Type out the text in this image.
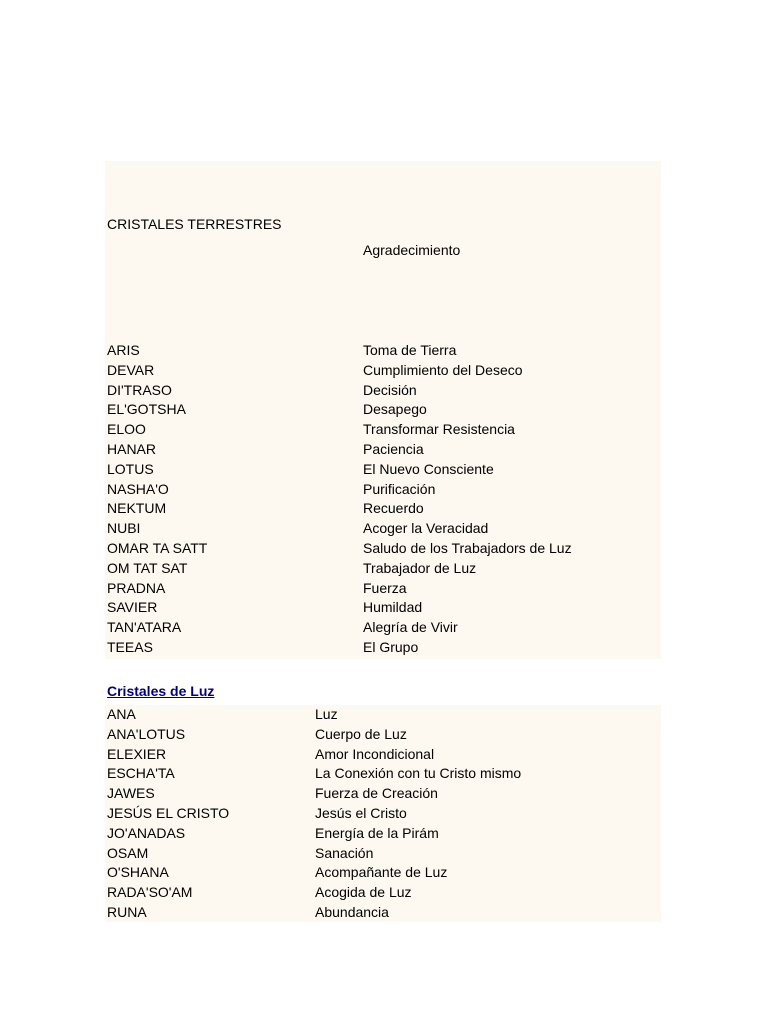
CRISTALES TERRESTRES
Agradecimiento
ARIS	Toma de Tierra
DEVAR	Cumplimiento del Deseco
DI'TRASO	Decisión
EL'GOTSHA	Desapego
ELOO	Transformar Resistencia
HANAR	Paciencia
LOTUS	El Nuevo Consciente
NASHA'O	Purificación
NEKTUM	Recuerdo
NUBI	Acoger la Veracidad
OMAR TA SATT	Saludo de los Trabajadors de Luz
OM TAT SAT	Trabajador de Luz
PRADNA	Fuerza
SAVIER	Humildad
TAN'ATARA	Alegría de Vivir
TEEAS	El Grupo
Cristales de Luz
ANA	Luz
ANA'LOTUS	Cuerpo de Luz
ELEXIER	Amor Incondicional
ESCHA'TA	La Conexión con tu Cristo mismo
JAWES	Fuerza de Creación
JESÚS EL CRISTO	Jesús el Cristo
JO'ANADAS	Energía de la Pirám
OSAM	Sanación
O'SHANA	Acompañante de Luz
RADA'SO'AM	Acogida de Luz
RUNA	Abundancia
